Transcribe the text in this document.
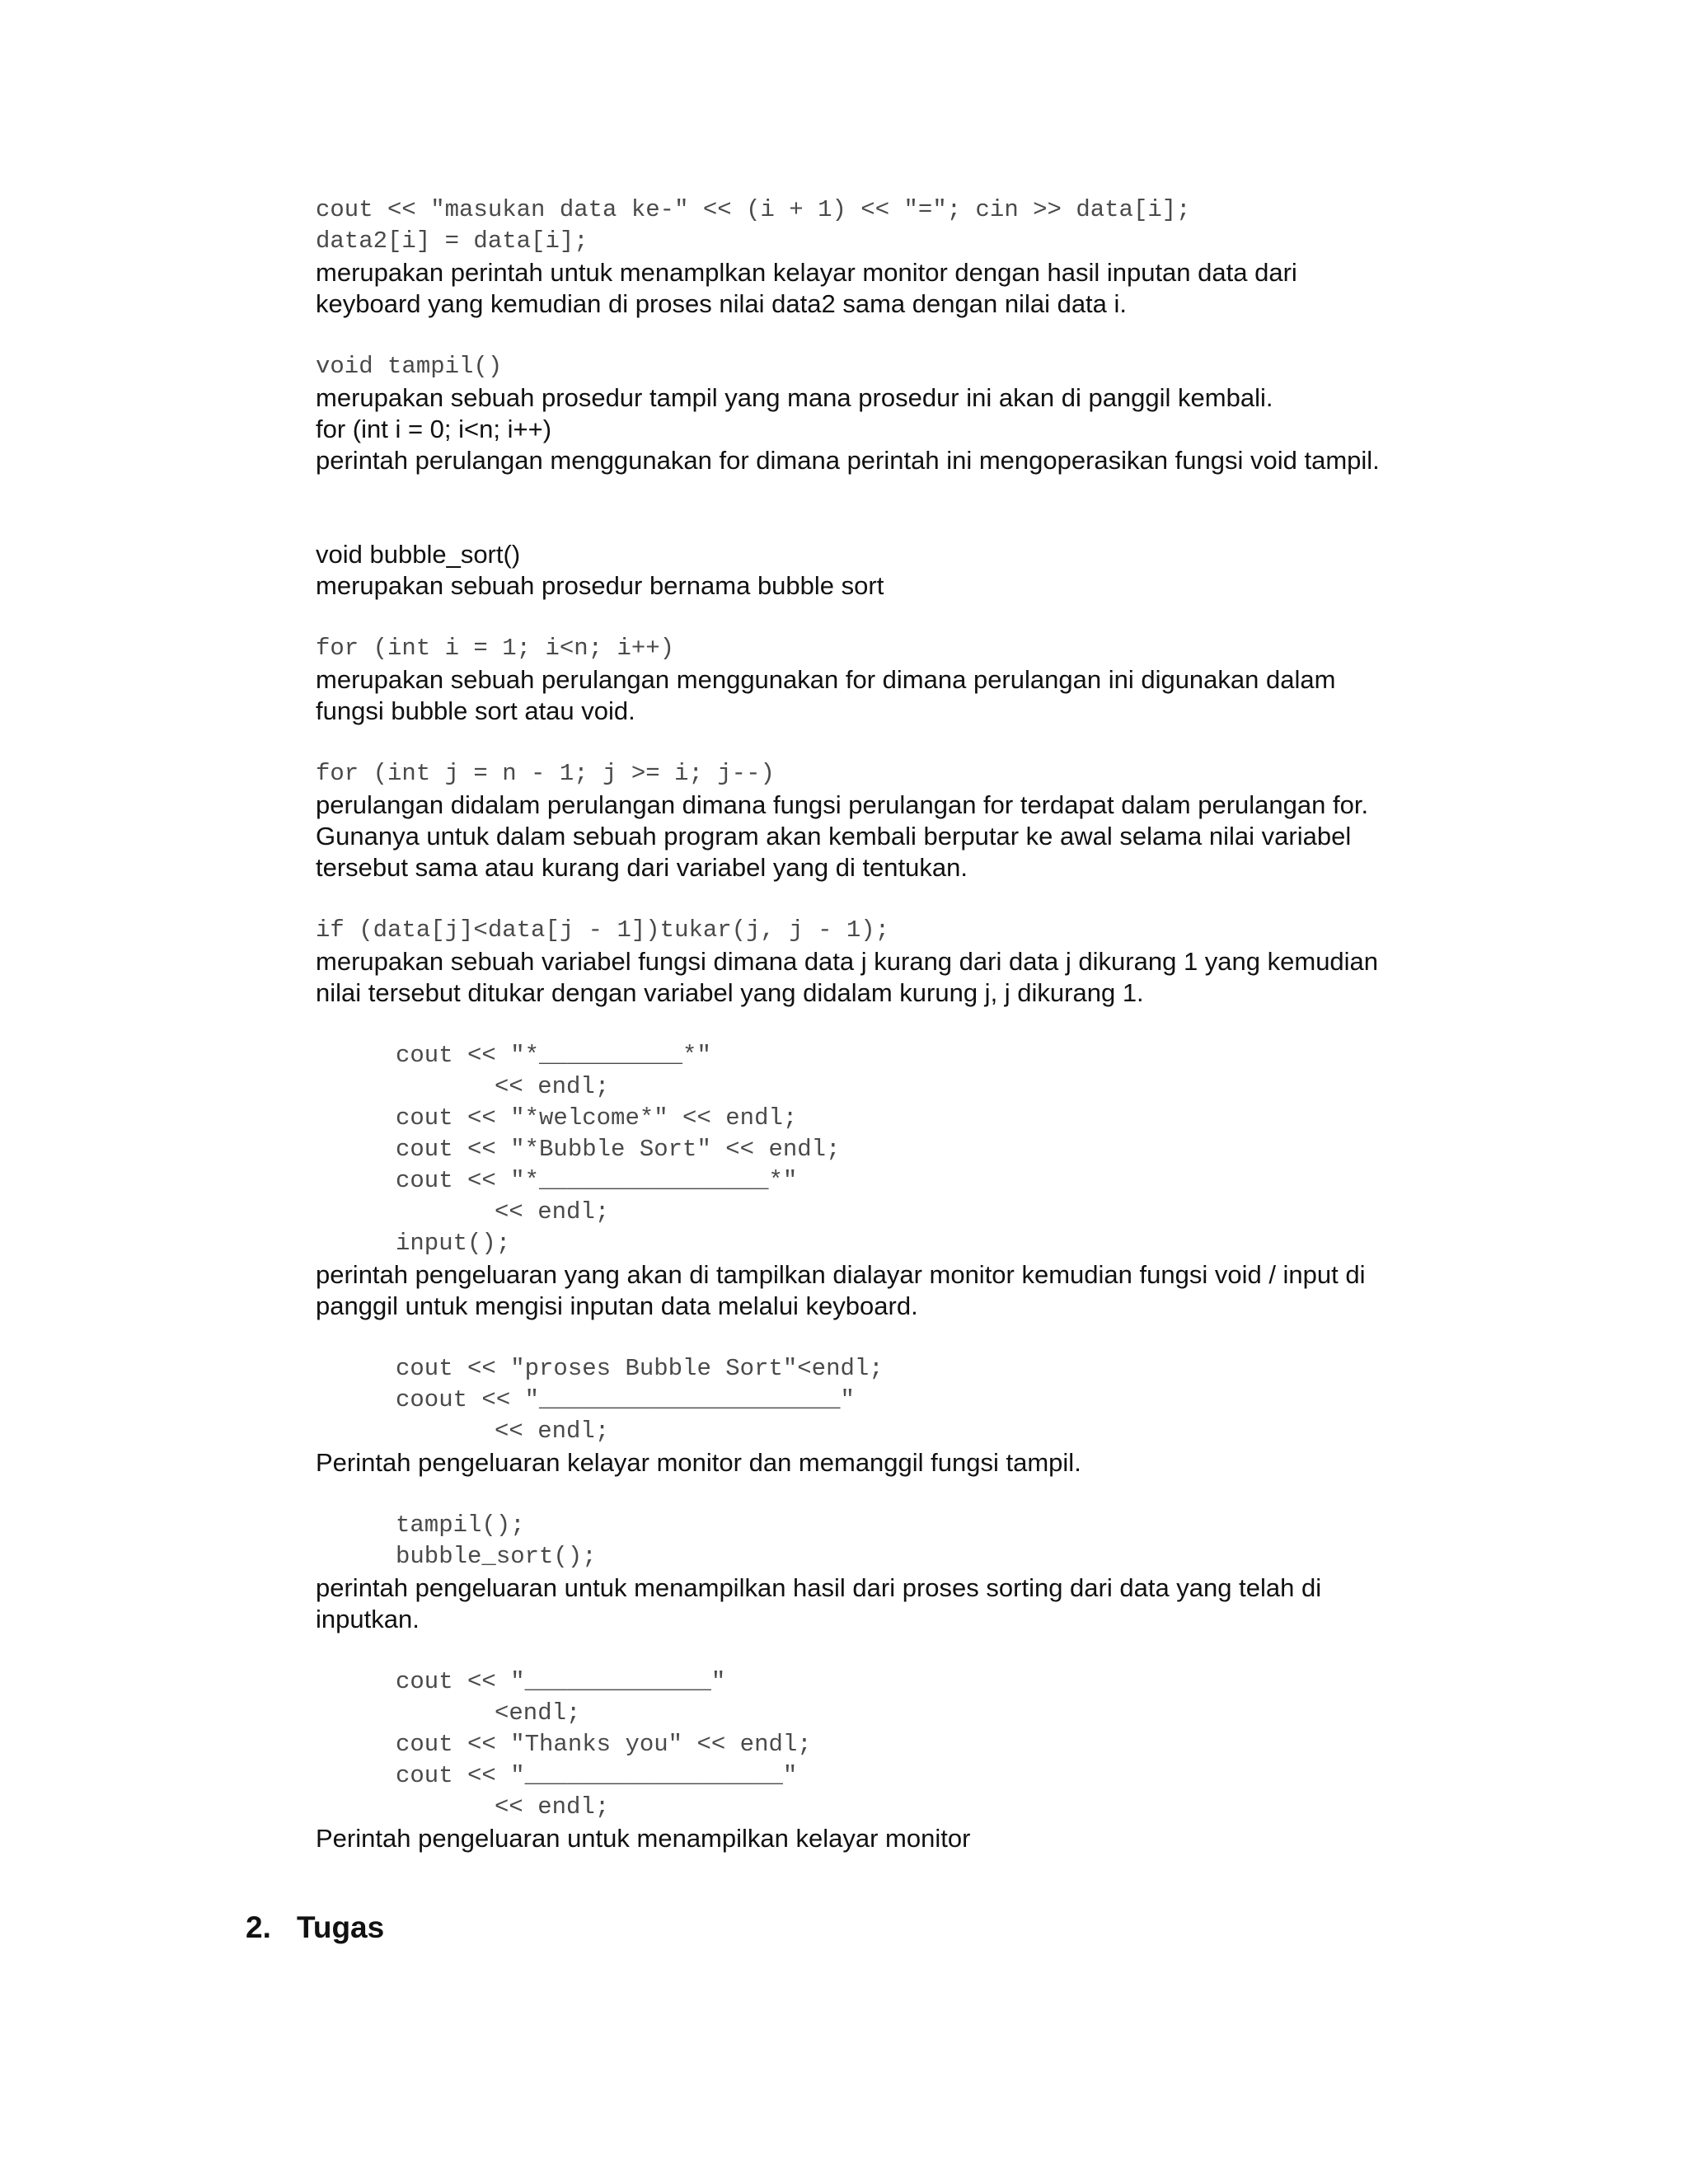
cout << "masukan data ke-" << (i + 1) << "="; cin >> data[i];
data2[i] = data[i];
merupakan perintah untuk menamplkan kelayar monitor dengan hasil inputan data dari
keyboard yang kemudian di proses nilai data2 sama dengan nilai data i.
void tampil()
merupakan sebuah prosedur tampil yang mana prosedur ini akan di panggil kembali.
for (int i = 0; i<n; i++)
perintah perulangan menggunakan for dimana perintah ini mengoperasikan fungsi void tampil.
void bubble_sort()
merupakan sebuah prosedur bernama bubble sort
for (int i = 1; i<n; i++)
merupakan sebuah perulangan menggunakan for dimana perulangan ini digunakan dalam
fungsi bubble sort atau void.
for (int j = n - 1; j >= i; j--)
perulangan didalam perulangan dimana fungsi perulangan for terdapat dalam perulangan for.
Gunanya untuk dalam sebuah program akan kembali berputar ke awal selama nilai variabel
tersebut sama atau kurang dari variabel yang di tentukan.
if (data[j]<data[j - 1])tukar(j, j - 1);
merupakan sebuah variabel fungsi dimana data j kurang dari data j dikurang 1 yang kemudian
nilai tersebut ditukar dengan variabel yang didalam kurung j, j dikurang 1.
cout << "*__________*"
<< endl;
cout << "*welcome*" << endl;
cout << "*Bubble Sort" << endl;
cout << "*________________*"
<< endl;
input();
perintah pengeluaran yang akan di tampilkan dialayar monitor kemudian fungsi void / input di
panggil untuk mengisi inputan data melalui keyboard.
cout << "proses Bubble Sort"<endl;
coout << "_____________________"
<< endl;
Perintah pengeluaran kelayar monitor dan memanggil fungsi tampil.
tampil();
bubble_sort();
perintah pengeluaran untuk menampilkan hasil dari proses sorting dari data yang telah di
inputkan.
cout << "_____________"
<endl;
cout << "Thanks you" << endl;
cout << "__________________"
<< endl;
Perintah pengeluaran untuk menampilkan kelayar monitor
2. Tugas
